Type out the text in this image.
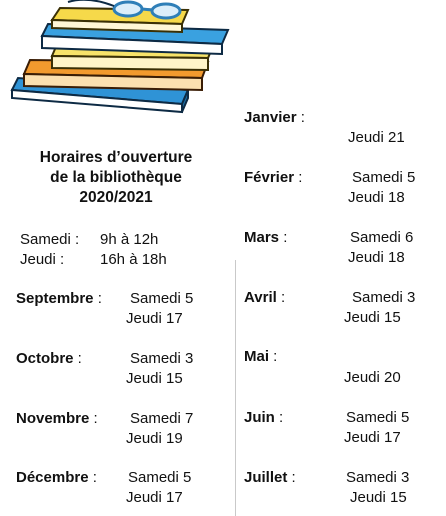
Horaires d’ouverture
de la bibliothèque
2020/2021
Samedi :	9h à 12h
Jeudi :	16h à 18h
Septembre : Samedi 5
Jeudi 17
Octobre :	Samedi 3
Jeudi 15
Novembre : Samedi 7
Jeudi 19
Décembre : Samedi 5
Jeudi 17
Janvier :
Jeudi 21
Février :	Samedi 5
Jeudi 18
Mars :	Samedi 6
Jeudi 18
Avril :	Samedi 3
Jeudi 15
Mai :
Jeudi 20
Juin :	Samedi 5
Jeudi 17
Juillet :	Samedi 3
Jeudi 15
